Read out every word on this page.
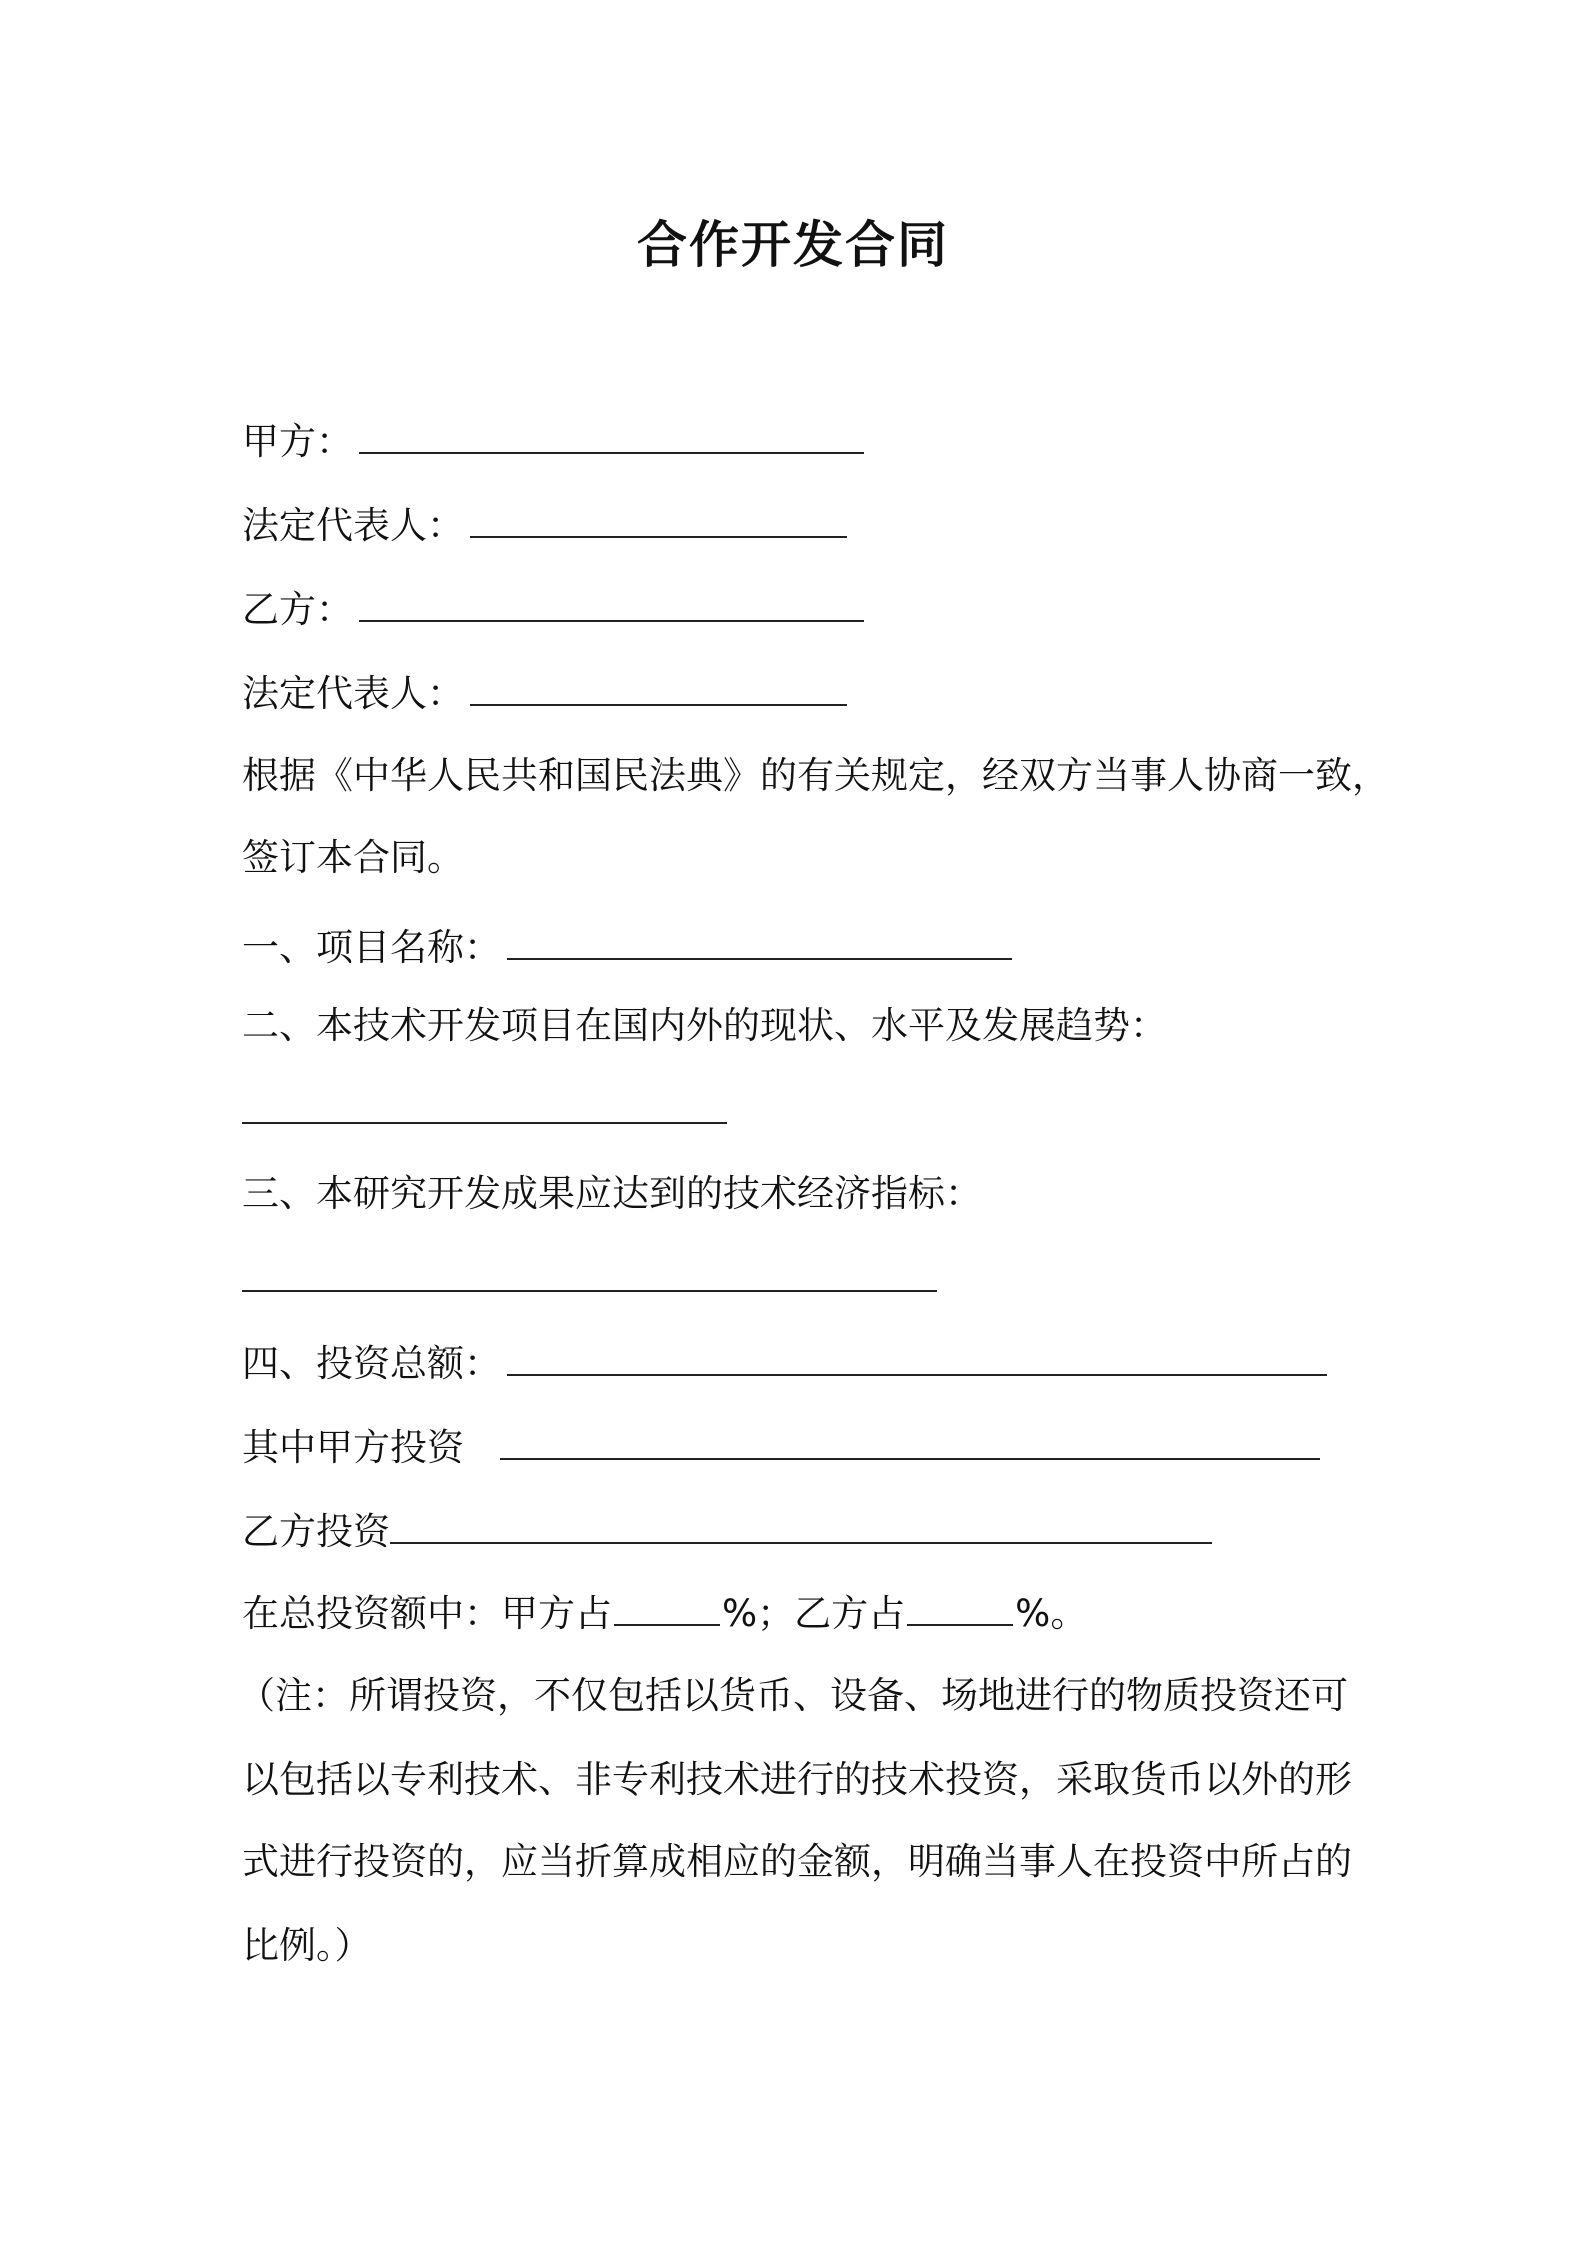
合作开发合同
甲方：
法定代表人：
乙方：
法定代表人：
根据《中华人民共和国民法典》的有关规定，经双方当事人协商一致，
签订本合同。
一、项目名称：
二、本技术开发项目在国内外的现状、水平及发展趋势：
三、本研究开发成果应达到的技术经济指标：
四、投资总额：
其中甲方投资
乙方投资
在总投资额中：甲方占	%；乙方占	%。
（注：所谓投资，不仅包括以货币、设备、场地进行的物质投资还可
以包括以专利技术、非专利技术进行的技术投资，采取货币以外的形
式进行投资的，应当折算成相应的金额，明确当事人在投资中所占的
比例。）
